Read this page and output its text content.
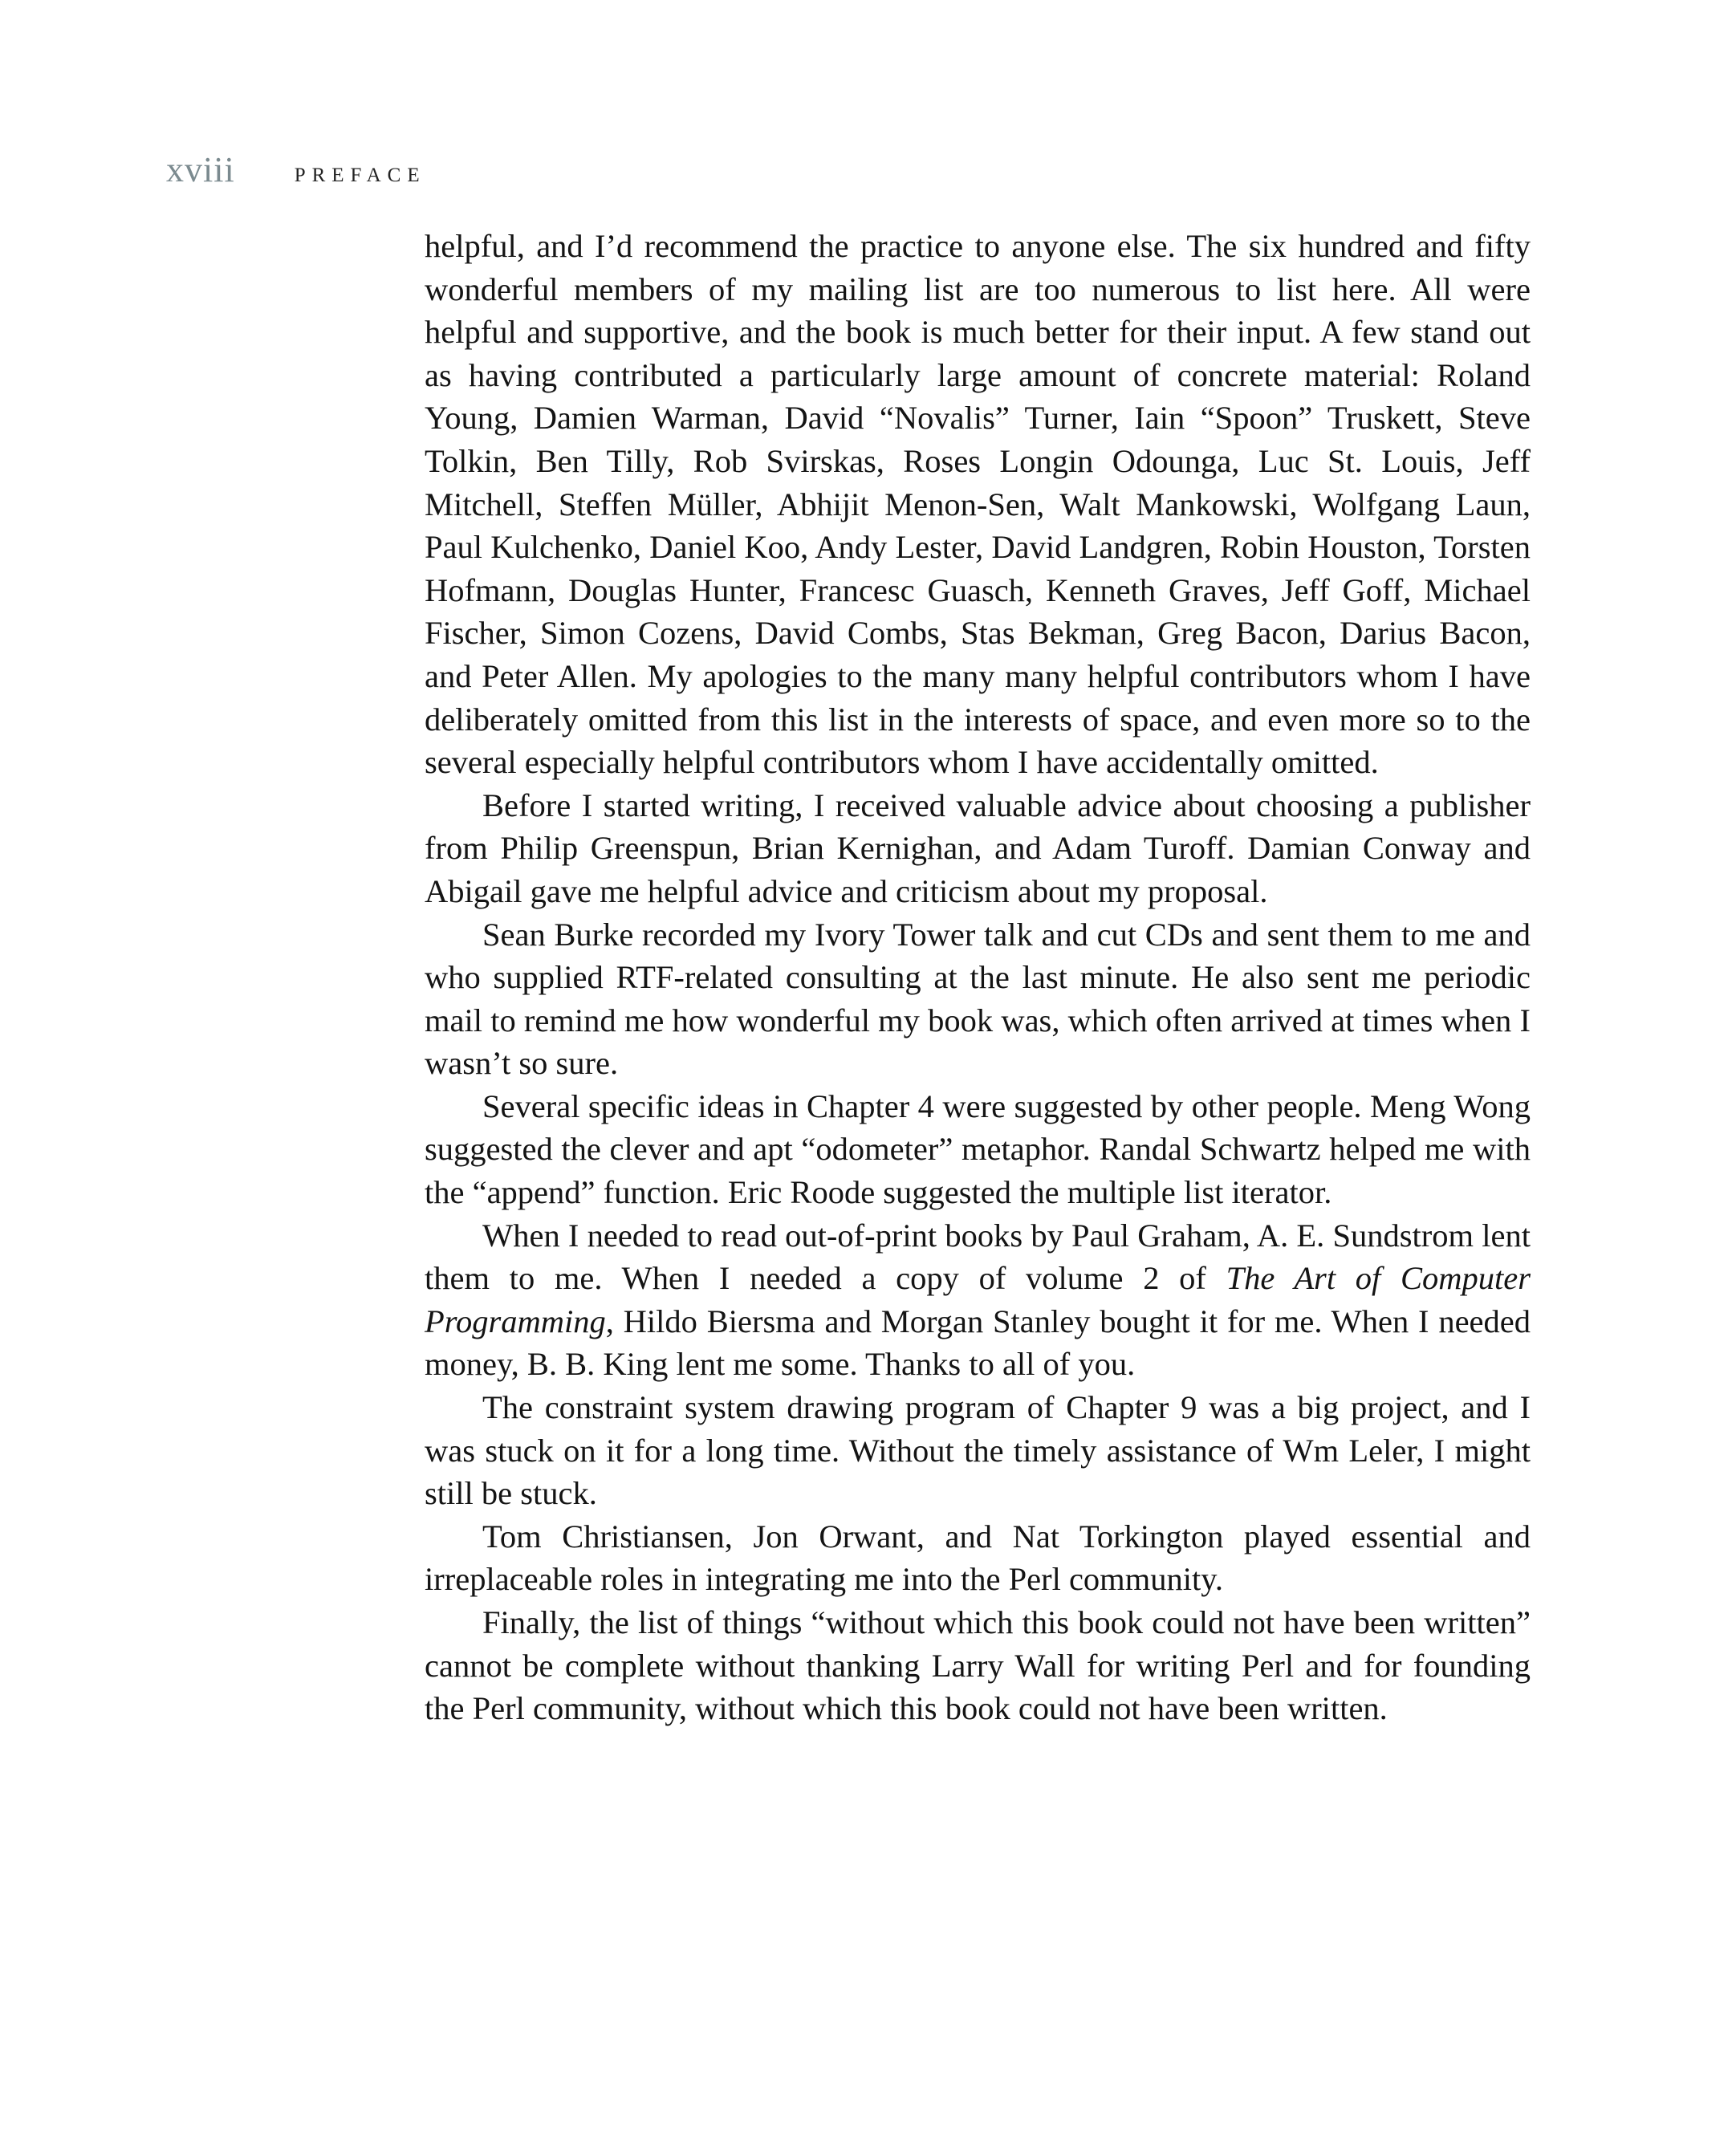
xviii	PREFACE

helpful, and I’d recommend the practice to anyone else. The six hundred and fifty wonderful members of my mailing list are too numerous to list here. All were helpful and supportive, and the book is much better for their input. A few stand out as having contributed a particularly large amount of concrete material: Roland Young, Damien Warman, David “Novalis” Turner, Iain “Spoon” Truskett, Steve Tolkin, Ben Tilly, Rob Svirskas, Roses Longin Odounga, Luc St. Louis, Jeff Mitchell, Steffen Müller, Abhijit Menon-Sen, Walt Mankowski, Wolfgang Laun, Paul Kulchenko, Daniel Koo, Andy Lester, David Landgren, Robin Houston, Torsten Hofmann, Douglas Hunter, Francesc Guasch, Kenneth Graves, Jeff Goff, Michael Fischer, Simon Cozens, David Combs, Stas Bekman, Greg Bacon, Darius Bacon, and Peter Allen. My apologies to the many many helpful contributors whom I have deliberately omitted from this list in the interests of space, and even more so to the several especially helpful contributors whom I have accidentally omitted.

Before I started writing, I received valuable advice about choosing a publisher from Philip Greenspun, Brian Kernighan, and Adam Turoff. Damian Conway and Abigail gave me helpful advice and criticism about my proposal.

Sean Burke recorded my Ivory Tower talk and cut CDs and sent them to me and who supplied RTF-related consulting at the last minute. He also sent me periodic mail to remind me how wonderful my book was, which often arrived at times when I wasn’t so sure.

Several specific ideas in Chapter 4 were suggested by other people. Meng Wong suggested the clever and apt “odometer” metaphor. Randal Schwartz helped me with the “append” function. Eric Roode suggested the multiple list iterator.

When I needed to read out-of-print books by Paul Graham, A. E. Sundstrom lent them to me. When I needed a copy of volume 2 of The Art of Computer Programming, Hildo Biersma and Morgan Stanley bought it for me. When I needed money, B. B. King lent me some. Thanks to all of you.

The constraint system drawing program of Chapter 9 was a big project, and I was stuck on it for a long time. Without the timely assistance of Wm Leler, I might still be stuck.

Tom Christiansen, Jon Orwant, and Nat Torkington played essential and irreplaceable roles in integrating me into the Perl community.

Finally, the list of things “without which this book could not have been written” cannot be complete without thanking Larry Wall for writing Perl and for founding the Perl community, without which this book could not have been written.
